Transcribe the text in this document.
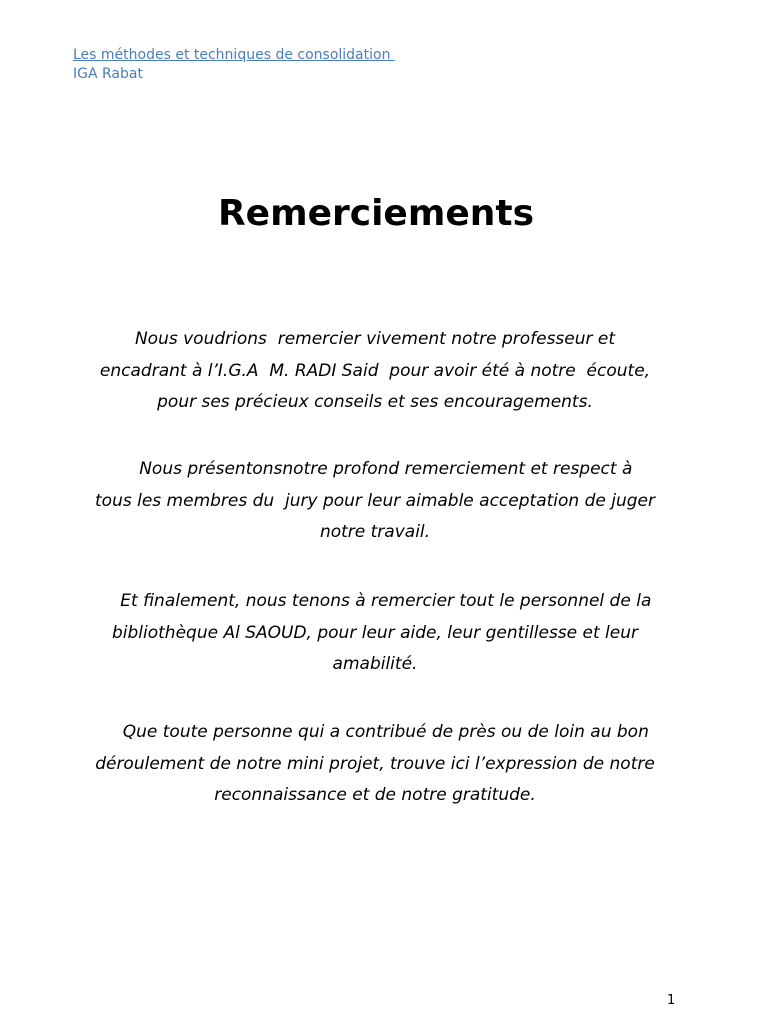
Les méthodes et techniques de consolidation
IGA Rabat
Remerciements

Nous voudrions  remercier vivement notre professeur et
encadrant à l’I.G.A  M. RADI Said  pour avoir été à notre  écoute,
pour ses précieux conseils et ses encouragements.

Nous présentonsnotre profond remerciement et respect à
tous les membres du  jury pour leur aimable acceptation de juger
notre travail.

Et finalement, nous tenons à remercier tout le personnel de la
bibliothèque Al SAOUD, pour leur aide, leur gentillesse et leur
amabilité.

Que toute personne qui a contribué de près ou de loin au bon
déroulement de notre mini projet, trouve ici l’expression de notre
reconnaissance et de notre gratitude.

1
